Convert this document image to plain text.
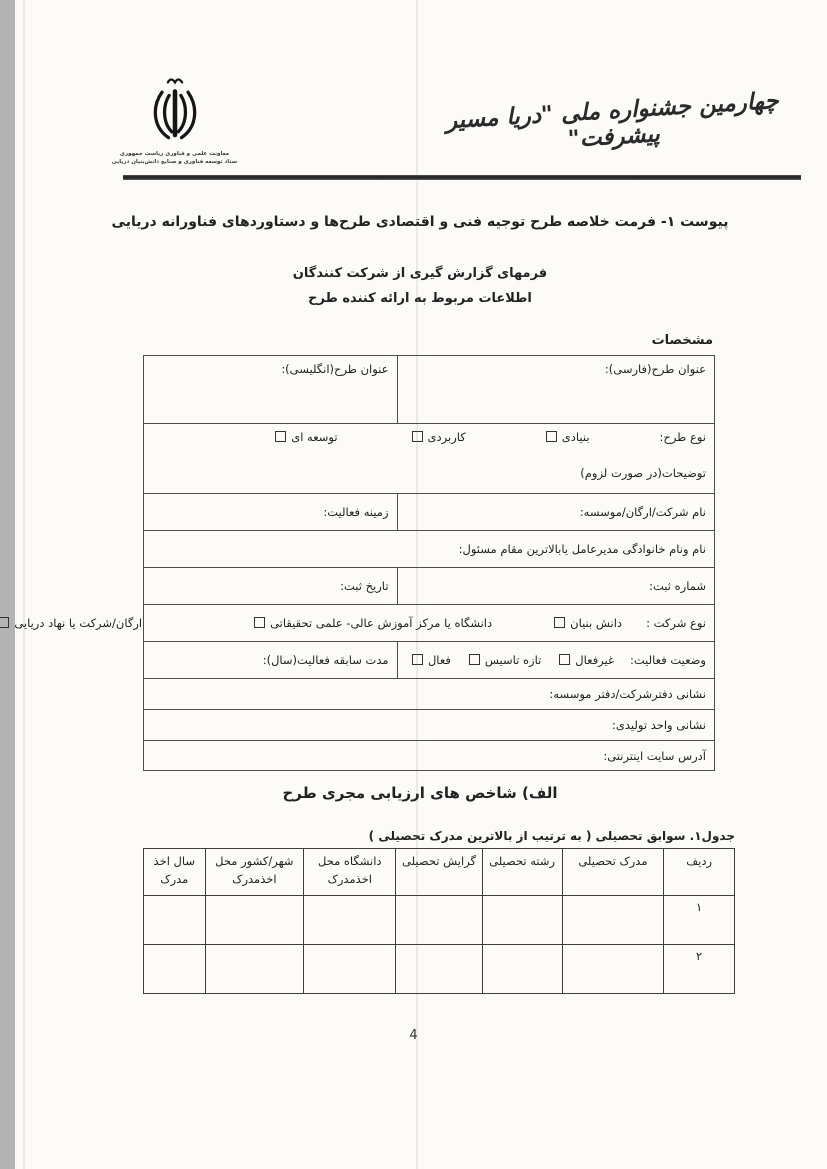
معاونت علمی و فناوری ریاست جمهوری
ستاد توسعه فناوری و صنایع دانش‌بنیان دریایی
چهارمین جشنواره ملی "دریا مسیر پیشرفت"
پیوست ۱- فرمت خلاصه طرح توجیه فنی و اقتصادی طرح‌ها و دستاوردهای فناورانه دریایی
فرمهای گزارش گیری از شرکت کنندگان
اطلاعات مربوط به ارائه کننده طرح
مشخصات
عنوان طرح(فارسی):	عنوان طرح(انگلیسی):

نوع طرح:
بنیادی
کاربردی
توسعه ای
توضیحات(در صورت لزوم)	

نام شرکت/ارگان/موسسه:	زمینه فعالیت:
نام ونام خانوادگی مدیرعامل یابالاترین مقام مسئول:	
شماره ثبت:	تاریخ ثبت:

نوع شرکت :
دانش بنیان
دانشگاه یا مرکز آموزش عالی- علمی تحقیقاتی
ارگان/شرکت یا نهاد دریایی	

وضعیت فعالیت:
غیرفعال
تازه تاسیس
فعال	مدت سابقه فعالیت(سال):
نشانی دفترشرکت/دفتر موسسه:	
نشانی واحد تولیدی:	
آدرس سایت اینترنتی:	
الف) شاخص های ارزیابی مجری طرح
جدول۱. سوابق تحصیلی ( به ترتیب از بالاترین مدرک تحصیلی )
ردیف	مدرک تحصیلی	رشته تحصیلی	گرایش تحصیلی	دانشگاه محل اخذمدرک	شهر/کشور محل اخذمدرک	سال اخذ مدرک
۱						
۲						
4
